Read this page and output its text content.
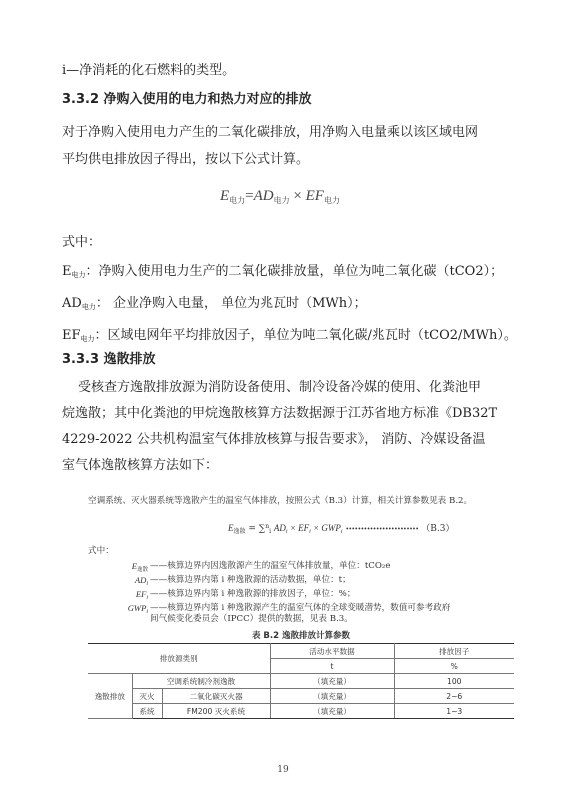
i—净消耗的化石燃料的类型。
3.3.2 净购入使用的电力和热力对应的排放
对于净购入使用电力产生的二氧化碳排放，用净购入电量乘以该区域电网
平均供电排放因子得出，按以下公式计算。
$E_{电力}=AD_{电力} \times EF_{电力}$
式中：
E电力：净购入使用电力生产的二氧化碳排放量，单位为吨二氧化碳（tCO2）；
AD电力： 企业净购入电量， 单位为兆瓦时（MWh）；
EF电力：区域电网年平均排放因子，单位为吨二氧化碳/兆瓦时（tCO2/MWh）。
3.3.3 逸散排放
受核查方逸散排放源为消防设备使用、制冷设备冷媒的使用、化粪池甲
烷逸散；其中化粪池的甲烷逸散核算方法数据源于江苏省地方标准《DB32T
4229-2022 公共机构温室气体排放核算与报告要求》， 消防、冷媒设备温
室气体逸散核算方法如下：
空调系统、灭火器系统等逸散产生的温室气体排放，按照公式（B.3）计算，相关计算参数见表 B.2。
$E_{逸散} = \sum^n_i$ $AD_i \times EF_i \times GWP_i$ •••••••••••••••••••••••• （B.3）
式中：
$E_{逸散}$ ——核算边界内因逸散源产生的温室气体排放量，单位：tCO₂e
$AD_i$ ——核算边界内第 i 种逸散源的活动数据，单位：t；
$EF_i$ ——核算边界内第 i 种逸散源的排放因子，单位：%；
$GWP_i$ ——核算边界内第 i 种逸散源产生的温室气体的全球变暖潜势，数值可参考政府
间气候变化委员会（IPCC）提供的数据，见表 B.3。
表 B.2 逸散排放计算参数
排放源类别			活动水平数据	排放因子
			t	%
逸散排放	空调系统制冷剂逸散		（填充量）	100
	灭火	二氧化碳灭火器	（填充量）	2~6
	系统	FM200 灭火系统	（填充量）	1~3
19
